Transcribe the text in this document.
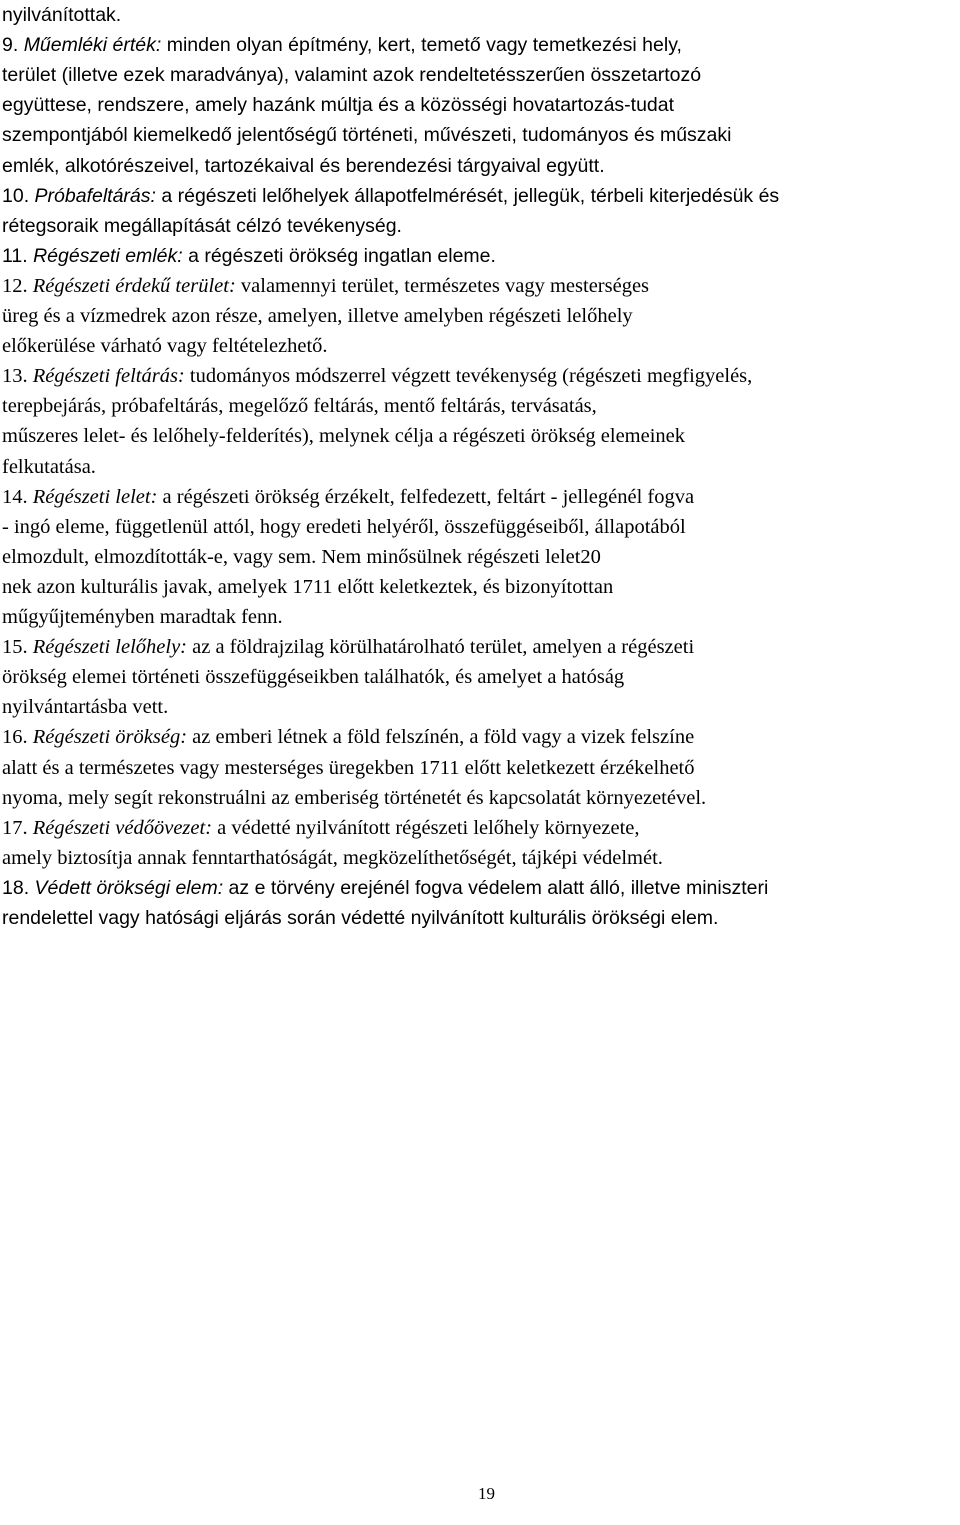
nyilvánítottak.
9. Műemléki érték: minden olyan építmény, kert, temető vagy temetkezési hely,
terület (illetve ezek maradványa), valamint azok rendeltetésszerűen összetartozó
együttese, rendszere, amely hazánk múltja és a közösségi hovatartozás-tudat
szempontjából kiemelkedő jelentőségű történeti, művészeti, tudományos és műszaki
emlék, alkotórészeivel, tartozékaival és berendezési tárgyaival együtt.
10. Próbafeltárás: a régészeti lelőhelyek állapotfelmérését, jellegük, térbeli kiterjedésük és
rétegsoraik megállapítását célzó tevékenység.
11. Régészeti emlék: a régészeti örökség ingatlan eleme.
12. Régészeti érdekű terület: valamennyi terület, természetes vagy mesterséges
üreg és a vízmedrek azon része, amelyen, illetve amelyben régészeti lelőhely
előkerülése várható vagy feltételezhető.
13. Régészeti feltárás: tudományos módszerrel végzett tevékenység (régészeti megfigyelés,
terepbejárás, próbafeltárás, megelőző feltárás, mentő feltárás, tervásatás,
műszeres lelet- és lelőhely-felderítés), melynek célja a régészeti örökség elemeinek
felkutatása.
14. Régészeti lelet: a régészeti örökség érzékelt, felfedezett, feltárt - jellegénél fogva
- ingó eleme, függetlenül attól, hogy eredeti helyéről, összefüggéseiből, állapotából
elmozdult, elmozdították-e, vagy sem. Nem minősülnek régészeti lelet20
nek azon kulturális javak, amelyek 1711 előtt keletkeztek, és bizonyítottan
műgyűjteményben maradtak fenn.
15. Régészeti lelőhely: az a földrajzilag körülhatárolható terület, amelyen a régészeti
örökség elemei történeti összefüggéseikben találhatók, és amelyet a hatóság
nyilvántartásba vett.
16. Régészeti örökség: az emberi létnek a föld felszínén, a föld vagy a vizek felszíne
alatt és a természetes vagy mesterséges üregekben 1711 előtt keletkezett érzékelhető
nyoma, mely segít rekonstruálni az emberiség történetét és kapcsolatát környezetével.
17. Régészeti védőövezet: a védetté nyilvánított régészeti lelőhely környezete,
amely biztosítja annak fenntarthatóságát, megközelíthetőségét, tájképi védelmét.
18. Védett örökségi elem: az e törvény erejénél fogva védelem alatt álló, illetve miniszteri
rendelettel vagy hatósági eljárás során védetté nyilvánított kulturális örökségi elem.
19
